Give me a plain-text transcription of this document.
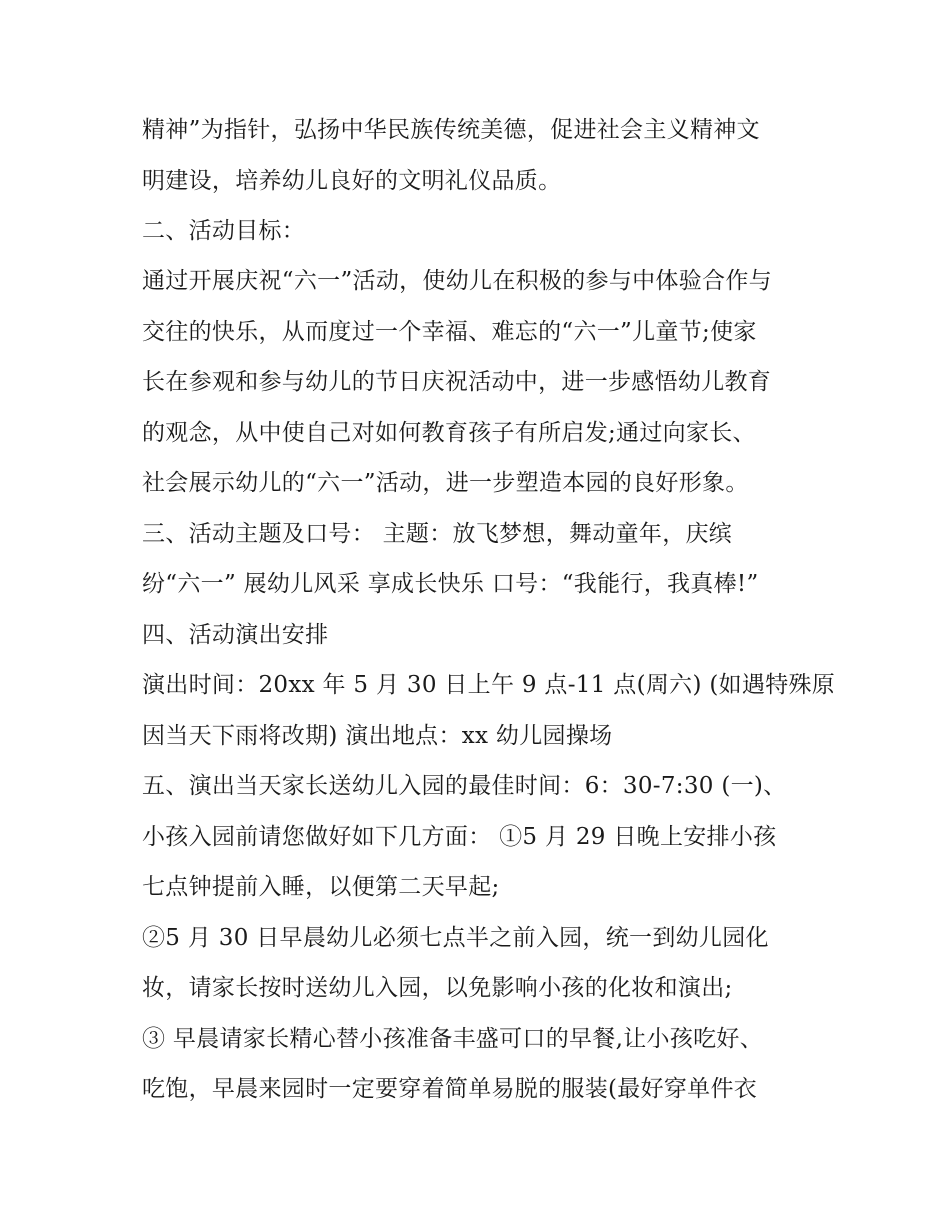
精神”为指针，弘扬中华民族传统美德，促进社会主义精神文
明建设，培养幼儿良好的文明礼仪品质。
二、活动目标：
通过开展庆祝“六一”活动，使幼儿在积极的参与中体验合作与
交往的快乐，从而度过一个幸福、难忘的“六一”儿童节;使家
长在参观和参与幼儿的节日庆祝活动中，进一步感悟幼儿教育
的观念，从中使自己对如何教育孩子有所启发;通过向家长、
社会展示幼儿的“六一”活动，进一步塑造本园的良好形象。
三、活动主题及口号： 主题：放飞梦想，舞动童年，庆缤
纷“六一” 展幼儿风采 享成长快乐 口号：“我能行，我真棒!”
四、活动演出安排
演出时间：20xx 年 5 月 30 日上午 9 点-11 点(周六) (如遇特殊原
因当天下雨将改期) 演出地点：xx 幼儿园操场
五、演出当天家长送幼儿入园的最佳时间：6：30-7:30 (一)、
小孩入园前请您做好如下几方面： ①5 月 29 日晚上安排小孩
七点钟提前入睡，以便第二天早起;
②5 月 30 日早晨幼儿必须七点半之前入园，统一到幼儿园化
妆，请家长按时送幼儿入园，以免影响小孩的化妆和演出;
③ 早晨请家长精心替小孩准备丰盛可口的早餐,让小孩吃好、
吃饱，早晨来园时一定要穿着简单易脱的服装(最好穿单件衣
